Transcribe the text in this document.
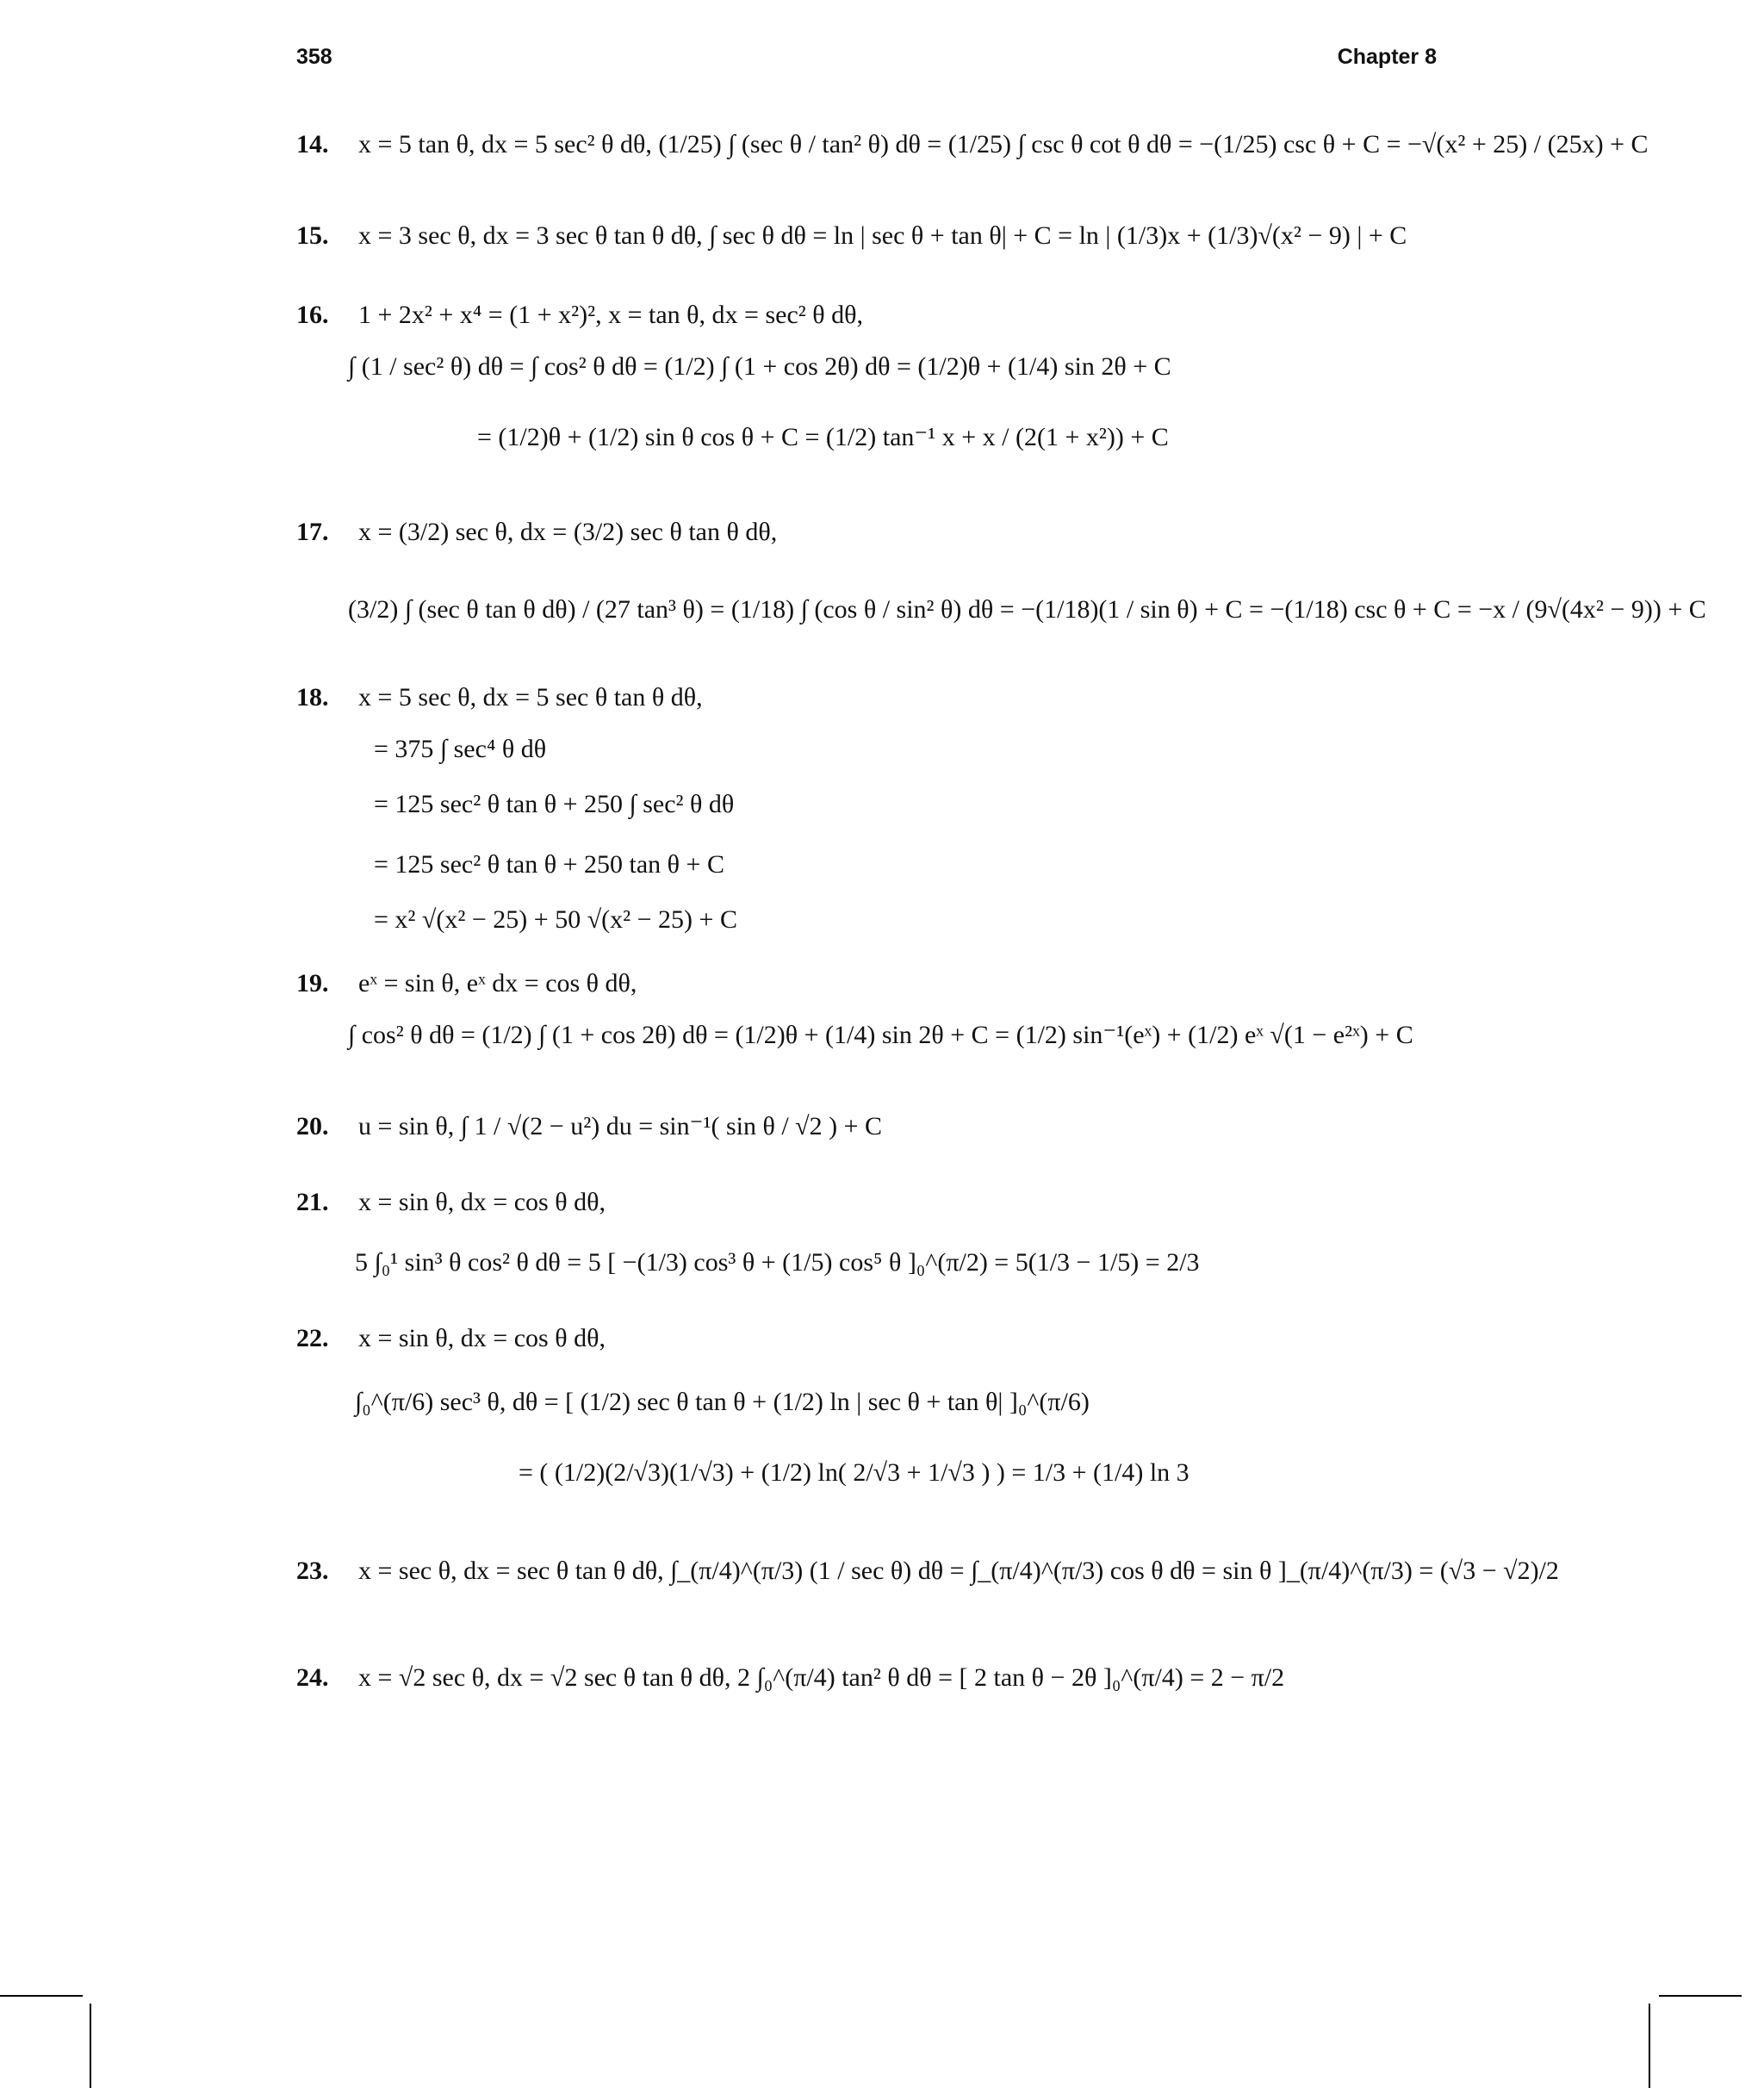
358	Chapter 8
14. x = 5 tan θ, dx = 5 sec² θ dθ, (1/25) ∫ (sec θ / tan² θ) dθ = (1/25) ∫ csc θ cot θ dθ = −(1/25) csc θ + C = −√(x² + 25) / (25x) + C
15. x = 3 sec θ, dx = 3 sec θ tan θ dθ, ∫ sec θ dθ = ln | sec θ + tan θ| + C = ln | (1/3)x + (1/3)√(x² − 9) | + C
16. 1 + 2x² + x⁴ = (1 + x²)², x = tan θ, dx = sec² θ dθ,
∫ (1 / sec² θ) dθ = ∫ cos² θ dθ = (1/2) ∫ (1 + cos 2θ) dθ = (1/2)θ + (1/4) sin 2θ + C
= (1/2)θ + (1/2) sin θ cos θ + C = (1/2) tan⁻¹ x + x / (2(1 + x²)) + C
17. x = (3/2) sec θ, dx = (3/2) sec θ tan θ dθ,
(3/2) ∫ (sec θ tan θ dθ) / (27 tan³ θ) = (1/18) ∫ (cos θ / sin² θ) dθ = −(1/18)(1 / sin θ) + C = −(1/18) csc θ + C = −x / (9√(4x² − 9)) + C
18. x = 5 sec θ, dx = 5 sec θ tan θ dθ,
= 375 ∫ sec⁴ θ dθ
= 125 sec² θ tan θ + 250 ∫ sec² θ dθ
= 125 sec² θ tan θ + 250 tan θ + C
= x² √(x² − 25) + 50 √(x² − 25) + C
19. eˣ = sin θ, eˣ dx = cos θ dθ,
∫ cos² θ dθ = (1/2) ∫ (1 + cos 2θ) dθ = (1/2)θ + (1/4) sin 2θ + C = (1/2) sin⁻¹(eˣ) + (1/2) eˣ √(1 − e²ˣ) + C
20. u = sin θ, ∫ 1 / √(2 − u²) du = sin⁻¹( sin θ / √2 ) + C
21. x = sin θ, dx = cos θ dθ,
5 ∫₀¹ sin³ θ cos² θ dθ = 5 [ −(1/3) cos³ θ + (1/5) cos⁵ θ ]₀^(π/2) = 5(1/3 − 1/5) = 2/3
22. x = sin θ, dx = cos θ dθ,
∫₀^(π/6) sec³ θ, dθ = [ (1/2) sec θ tan θ + (1/2) ln | sec θ + tan θ| ]₀^(π/6)
= ( (1/2)(2/√3)(1/√3) + (1/2) ln( 2/√3 + 1/√3 ) ) = 1/3 + (1/4) ln 3
23. x = sec θ, dx = sec θ tan θ dθ, ∫_(π/4)^(π/3) (1 / sec θ) dθ = ∫_(π/4)^(π/3) cos θ dθ = sin θ ]_(π/4)^(π/3) = (√3 − √2)/2
24. x = √2 sec θ, dx = √2 sec θ tan θ dθ, 2 ∫₀^(π/4) tan² θ dθ = [ 2 tan θ − 2θ ]₀^(π/4) = 2 − π/2
